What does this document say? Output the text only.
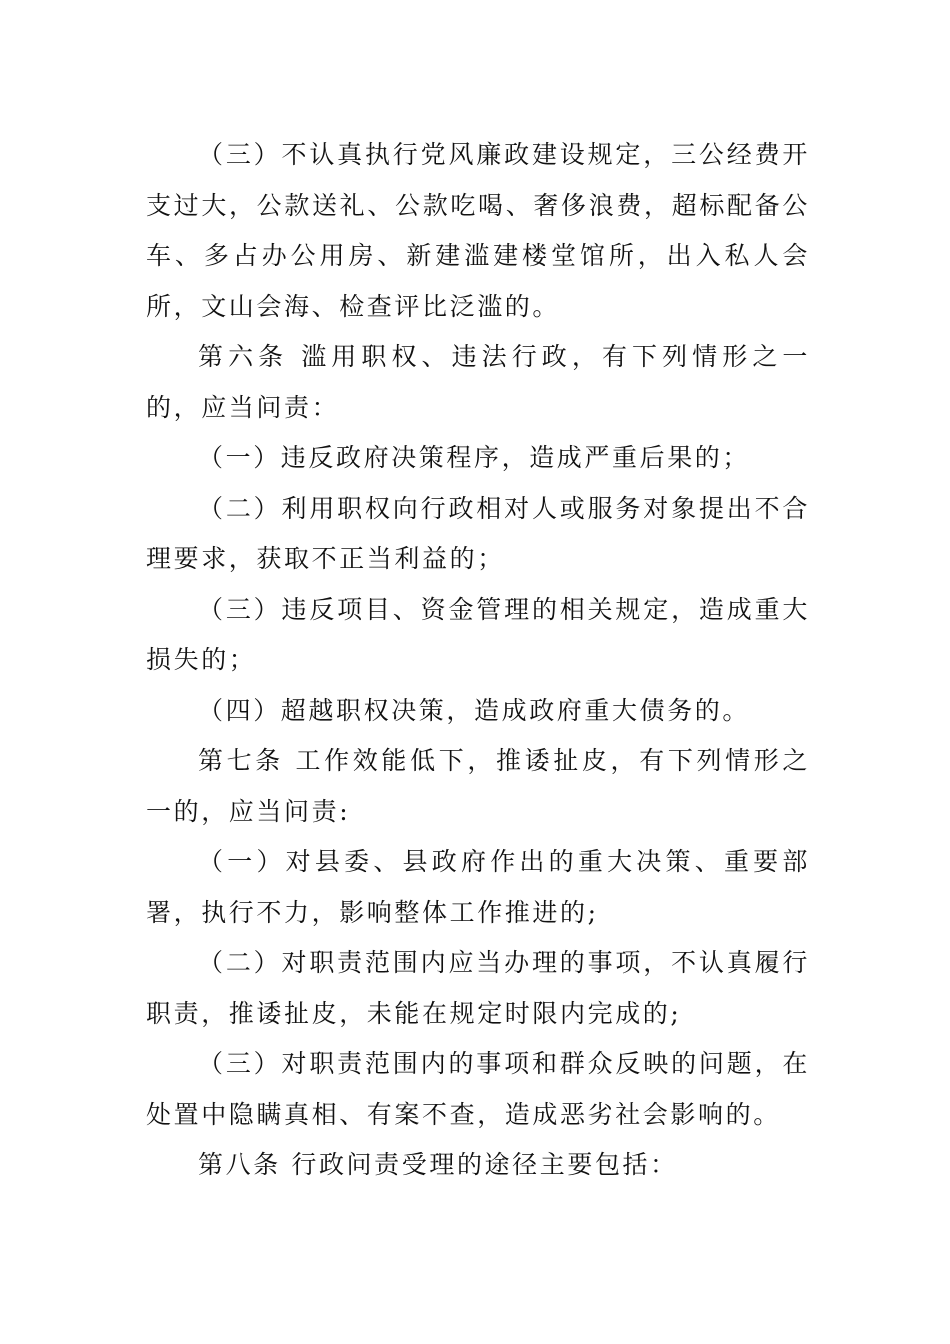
（三）不认真执行党风廉政建设规定，三公经费开支过大，公款送礼、公款吃喝、奢侈浪费，超标配备公车、多占办公用房、新建滥建楼堂馆所，出入私人会所，文山会海、检查评比泛滥的。

第六条 滥用职权、违法行政，有下列情形之一的，应当问责：

（一）违反政府决策程序，造成严重后果的；

（二）利用职权向行政相对人或服务对象提出不合理要求，获取不正当利益的；

（三）违反项目、资金管理的相关规定，造成重大损失的；

（四）超越职权决策，造成政府重大债务的。

第七条 工作效能低下，推诿扯皮，有下列情形之一的，应当问责:

（一）对县委、县政府作出的重大决策、重要部署，执行不力，影响整体工作推进的;

（二）对职责范围内应当办理的事项，不认真履行职责，推诿扯皮，未能在规定时限内完成的;

（三）对职责范围内的事项和群众反映的问题，在处置中隐瞒真相、有案不查，造成恶劣社会影响的。

第八条 行政问责受理的途径主要包括：
